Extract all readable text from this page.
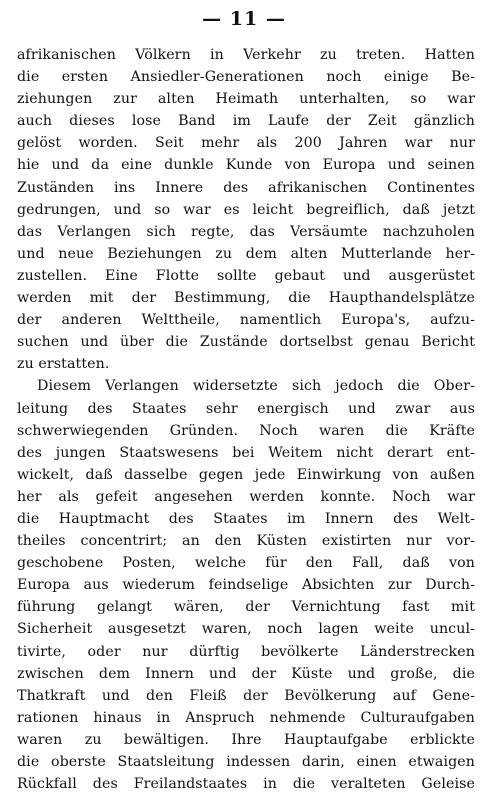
— 11 —
afrikanischen Völkern in Verkehr zu treten. Hatten
die ersten Ansiedler-Generationen noch einige Be-
ziehungen zur alten Heimath unterhalten, so war
auch dieses lose Band im Laufe der Zeit gänzlich
gelöst worden. Seit mehr als 200 Jahren war nur
hie und da eine dunkle Kunde von Europa und seinen
Zuständen ins Innere des afrikanischen Continentes
gedrungen, und so war es leicht begreiflich, daß jetzt
das Verlangen sich regte, das Versäumte nachzuholen
und neue Beziehungen zu dem alten Mutterlande her-
zustellen. Eine Flotte sollte gebaut und ausgerüstet
werden mit der Bestimmung, die Haupthandelsplätze
der anderen Welttheile, namentlich Europa's, aufzu-
suchen und über die Zustände dortselbst genau Bericht
zu erstatten.
Diesem Verlangen widersetzte sich jedoch die Ober-
leitung des Staates sehr energisch und zwar aus
schwerwiegenden Gründen. Noch waren die Kräfte
des jungen Staatswesens bei Weitem nicht derart ent-
wickelt, daß dasselbe gegen jede Einwirkung von außen
her als gefeit angesehen werden konnte. Noch war
die Hauptmacht des Staates im Innern des Welt-
theiles concentrirt; an den Küsten existirten nur vor-
geschobene Posten, welche für den Fall, daß von
Europa aus wiederum feindselige Absichten zur Durch-
führung gelangt wären, der Vernichtung fast mit
Sicherheit ausgesetzt waren, noch lagen weite uncul-
tivirte, oder nur dürftig bevölkerte Länderstrecken
zwischen dem Innern und der Küste und große, die
Thatkraft und den Fleiß der Bevölkerung auf Gene-
rationen hinaus in Anspruch nehmende Culturaufgaben
waren zu bewältigen. Ihre Hauptaufgabe erblickte
die oberste Staatsleitung indessen darin, einen etwaigen
Rückfall des Freilandstaates in die veralteten Geleise
